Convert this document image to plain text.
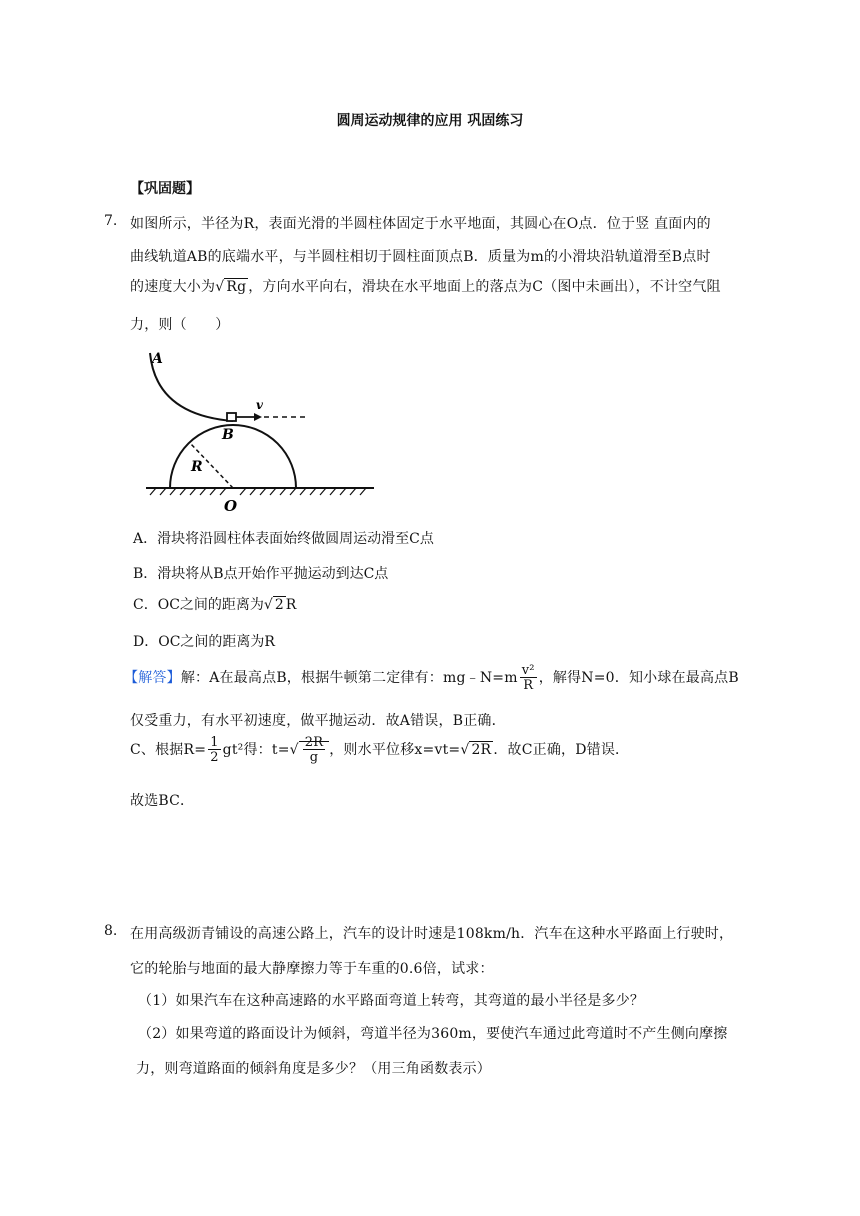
圆周运动规律的应用 巩固练习
【巩固题】
7. 如图所示，半径为R，表面光滑的半圆柱体固定于水平地面，其圆心在O点．位于竖 直面内的
曲线轨道AB的底端水平，与半圆柱相切于圆柱面顶点B．质量为m的小滑块沿轨道滑至B点时
的速度大小为√ Rg ，方向水平向右，滑块在水平地面上的落点为C（图中未画出），不计空气阻
力，则（　　）
A
B
R
O
v
A．滑块将沿圆柱体表面始终做圆周运动滑至C点
B．滑块将从B点开始作平抛运动到达C点
C．OC之间的距离为√ 2 R
D．OC之间的距离为R
【解答】解：A在最高点B，根据牛顿第二定律有：mg﹣N=m $\frac{\text{v²}}{R}$ ，解得N=0．知小球在最高点B
仅受重力，有水平初速度，做平抛运动．故A错误，B正确．
C、根据$R= \frac{1}{2} gt^2$得：$t=√ \frac{2R}{g}$ ，则水平位移x=vt=√ 2R ．故C正确，D错误．
故选BC．
8. 在用高级沥青铺设的高速公路上，汽车的设计时速是108km/h．汽车在这种水平路面上行驶时，
它的轮胎与地面的最大静摩擦力等于车重的0.6倍，试求：
（1）如果汽车在这种高速路的水平路面弯道上转弯，其弯道的最小半径是多少？
（2）如果弯道的路面设计为倾斜，弯道半径为360m，要使汽车通过此弯道时不产生侧向摩擦
力，则弯道路面的倾斜角度是多少？（用三角函数表示）
